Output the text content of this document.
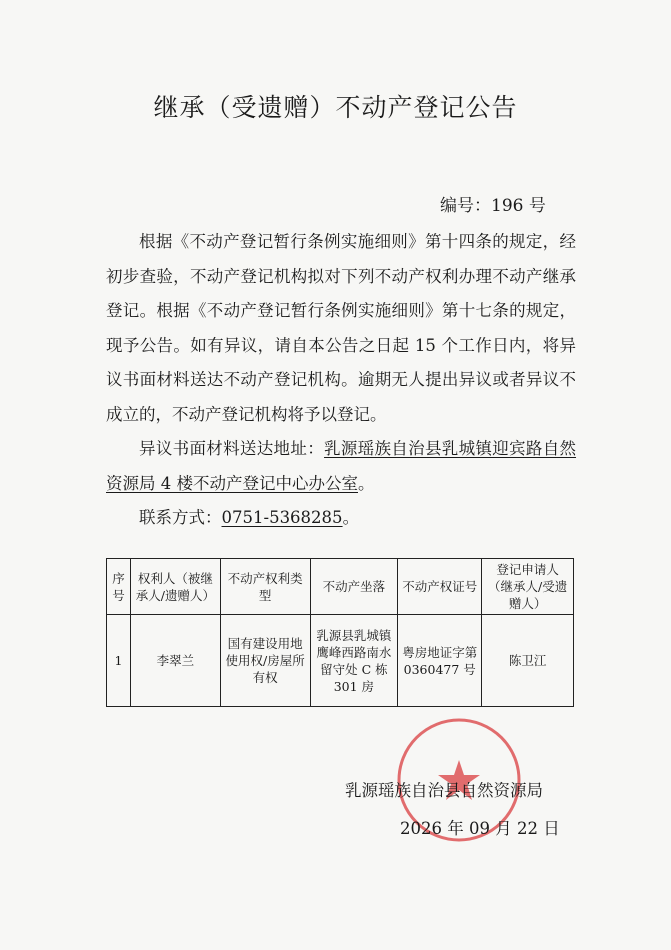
继承（受遗赠）不动产登记公告
编号：196 号

根据《不动产登记暂行条例实施细则》第十四条的规定，经初步查验，不动产登记机构拟对下列不动产权利办理不动产继承登记。根据《不动产登记暂行条例实施细则》第十七条的规定，现予公告。如有异议，请自本公告之日起 15 个工作日内，将异议书面材料送达不动产登记机构。逾期无人提出异议或者异议不成立的，不动产登记机构将予以登记。

异议书面材料送达地址：乳源瑶族自治县乳城镇迎宾路自然资源局 4 楼不动产登记中心办公室。

联系方式：0751-5368285。

序号	权利人（被继承人/遗赠人）	不动产权利类型	不动产坐落	不动产权证号	登记申请人（继承人/受遗赠人）
1	李翠兰	国有建设用地使用权/房屋所有权	乳源县乳城镇鹰峰西路南水留守处 C 栋 301 房	粤房地证字第 0360477 号	陈卫江
乳源瑶族自治县自然资源局
2026 年 09 月 22 日
